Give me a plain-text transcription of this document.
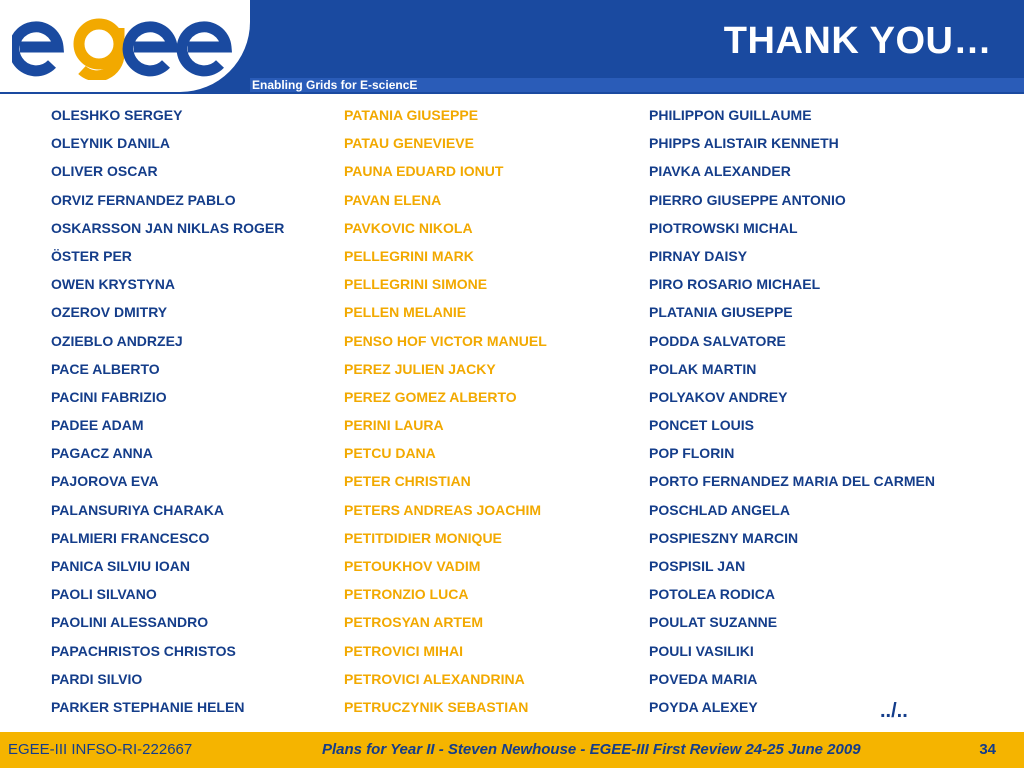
THANK YOU…
Enabling Grids for E-sciencE
OLESHKO SERGEY
OLEYNIK DANILA
OLIVER OSCAR
ORVIZ FERNANDEZ PABLO
OSKARSSON JAN NIKLAS ROGER
ÖSTER PER
OWEN KRYSTYNA
OZEROV DMITRY
OZIEBLO ANDRZEJ
PACE ALBERTO
PACINI FABRIZIO
PADEE ADAM
PAGACZ ANNA
PAJOROVA EVA
PALANSURIYA CHARAKA
PALMIERI FRANCESCO
PANICA SILVIU IOAN
PAOLI SILVANO
PAOLINI ALESSANDRO
PAPACHRISTOS CHRISTOS
PARDI SILVIO
PARKER STEPHANIE HELEN
PATANIA GIUSEPPE
PATAU GENEVIEVE
PAUNA EDUARD IONUT
PAVAN ELENA
PAVKOVIC NIKOLA
PELLEGRINI MARK
PELLEGRINI SIMONE
PELLEN MELANIE
PENSO HOF VICTOR MANUEL
PEREZ JULIEN JACKY
PEREZ GOMEZ ALBERTO
PERINI LAURA
PETCU DANA
PETER CHRISTIAN
PETERS ANDREAS JOACHIM
PETITDIDIER MONIQUE
PETOUKHOV VADIM
PETRONZIO LUCA
PETROSYAN ARTEM
PETROVICI MIHAI
PETROVICI ALEXANDRINA
PETRUCZYNIK SEBASTIAN
PHILIPPON GUILLAUME
PHIPPS ALISTAIR KENNETH
PIAVKA ALEXANDER
PIERRO GIUSEPPE ANTONIO
PIOTROWSKI MICHAL
PIRNAY DAISY
PIRO ROSARIO MICHAEL
PLATANIA GIUSEPPE
PODDA SALVATORE
POLAK MARTIN
POLYAKOV ANDREY
PONCET LOUIS
POP FLORIN
PORTO FERNANDEZ MARIA DEL CARMEN
POSCHLAD ANGELA
POSPIESZNY MARCIN
POSPISIL JAN
POTOLEA RODICA
POULAT SUZANNE
POULI VASILIKI
POVEDA MARIA
POYDA ALEXEY	../..
EGEE-III INFSO-RI-222667	Plans for Year II - Steven Newhouse - EGEE-III First Review 24-25 June 2009	34
